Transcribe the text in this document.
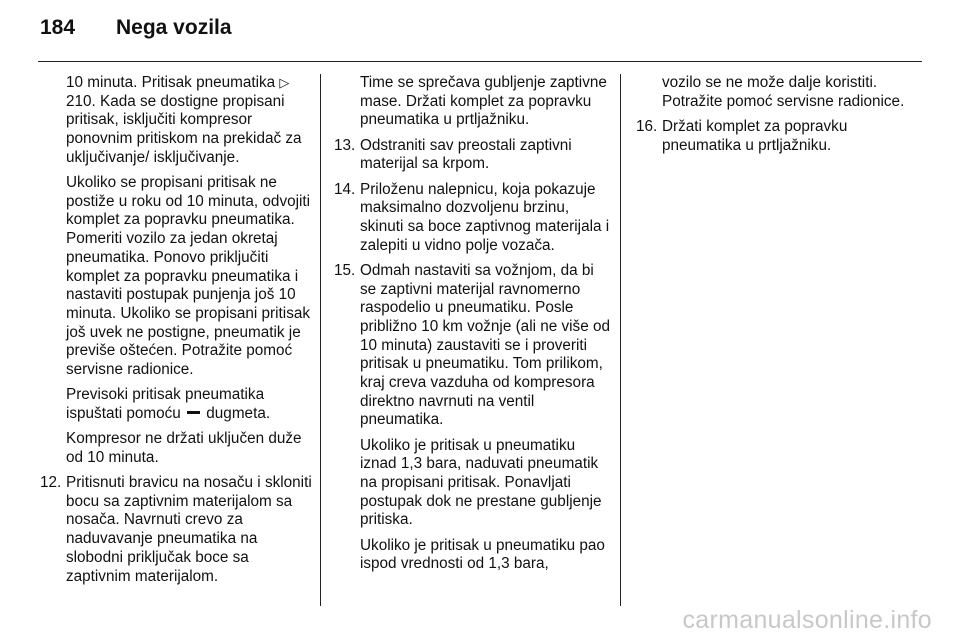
184 Nega vozila

10 minuta. Pritisak pneumatika ▷ 210. Kada se dostigne propisani pritisak, isključiti kompresor ponovnim pritiskom na prekidač za uključivanje/ isključivanje.

Ukoliko se propisani pritisak ne postiže u roku od 10 minuta, odvojiti komplet za popravku pneumatika. Pomeriti vozilo za jedan okretaj pneumatika. Ponovo priključiti komplet za popravku pneumatika i nastaviti postupak punjenja još 10 minuta. Ukoliko se propisani pritisak još uvek ne postigne, pneumatik je previše oštećen. Potražite pomoć servisne radionice.

Previsoki pritisak pneumatika ispuštati pomoću  dugmeta.

Kompresor ne držati uključen duže od 10 minuta.

12. Pritisnuti bravicu na nosaču i skloniti bocu sa zaptivnim materijalom sa nosača. Navrnuti crevo za naduvavanje pneumatika na slobodni priključak boce sa zaptivnim materijalom.

Time se sprečava gubljenje zaptivne mase. Držati komplet za popravku pneumatika u prtljažniku.

13. Odstraniti sav preostali zaptivni materijal sa krpom.
14. Priloženu nalepnicu, koja pokazuje maksimalno dozvoljenu brzinu, skinuti sa boce zaptivnog materijala i zalepiti u vidno polje vozača.
15. Odmah nastaviti sa vožnjom, da bi se zaptivni materijal ravnomerno raspodelio u pneumatiku. Posle približno 10 km vožnje (ali ne više od 10 minuta) zaustaviti se i proveriti pritisak u pneumatiku. Tom prilikom, kraj creva vazduha od kompresora direktno navrnuti na ventil pneumatika.

Ukoliko je pritisak u pneumatiku iznad 1,3 bara, naduvati pneumatik na propisani pritisak. Ponavljati postupak dok ne prestane gubljenje pritiska.

Ukoliko je pritisak u pneumatiku pao ispod vrednosti od 1,3 bara,

vozilo se ne može dalje koristiti. Potražite pomoć servisne radionice.

16. Držati komplet za popravku pneumatika u prtljažniku.
carmanualsonline.info
